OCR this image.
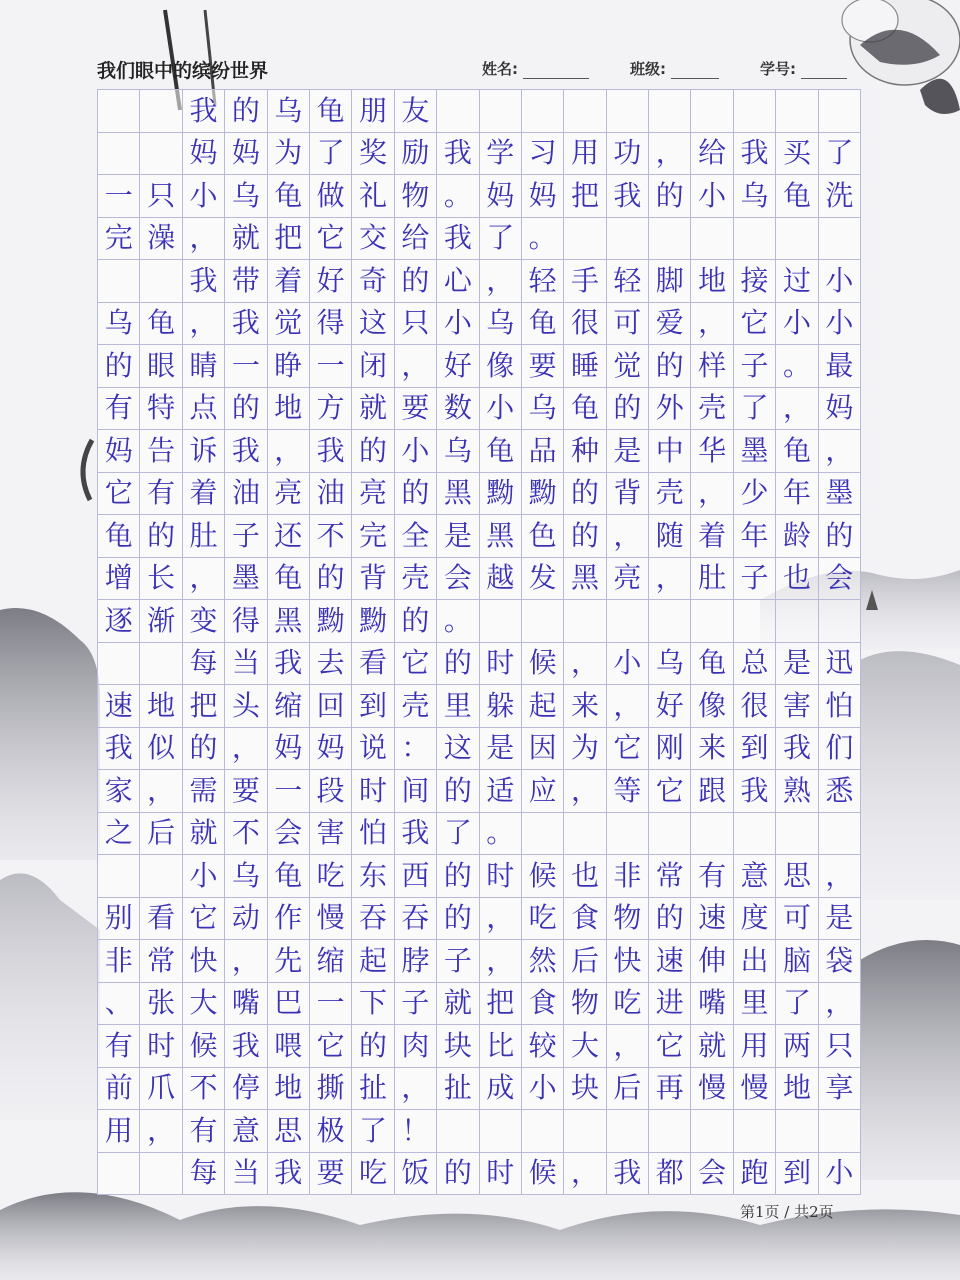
我们眼中的缤纷世界	姓名:	班级:	学号:
我 的 乌 龟 朋 友
妈 妈 为 了 奖 励 我 学 习 用 功 ， 给 我 买 了
一 只 小 乌 龟 做 礼 物 。 妈 妈 把 我 的 小 乌 龟 洗
完 澡 ， 就 把 它 交 给 我 了 。
我 带 着 好 奇 的 心 ， 轻 手 轻 脚 地 接 过 小
乌 龟 ， 我 觉 得 这 只 小 乌 龟 很 可 爱 ， 它 小 小
的 眼 睛 一 睁 一 闭 ， 好 像 要 睡 觉 的 样 子 。 最
有 特 点 的 地 方 就 要 数 小 乌 龟 的 外 壳 了 ， 妈
妈 告 诉 我 ， 我 的 小 乌 龟 品 种 是 中 华 墨 龟 ，
它 有 着 油 亮 油 亮 的 黑 黝 黝 的 背 壳 ， 少 年 墨
龟 的 肚 子 还 不 完 全 是 黑 色 的 ， 随 着 年 龄 的
增 长 ， 墨 龟 的 背 壳 会 越 发 黑 亮 ， 肚 子 也 会
逐 渐 变 得 黑 黝 黝 的 。
每 当 我 去 看 它 的 时 候 ， 小 乌 龟 总 是 迅
速 地 把 头 缩 回 到 壳 里 躲 起 来 ， 好 像 很 害 怕
我 似 的 ， 妈 妈 说 ： 这 是 因 为 它 刚 来 到 我 们
家 ， 需 要 一 段 时 间 的 适 应 ， 等 它 跟 我 熟 悉
之 后 就 不 会 害 怕 我 了 。
小 乌 龟 吃 东 西 的 时 候 也 非 常 有 意 思 ，
别 看 它 动 作 慢 吞 吞 的 ， 吃 食 物 的 速 度 可 是
非 常 快 ， 先 缩 起 脖 子 ， 然 后 快 速 伸 出 脑 袋
、 张 大 嘴 巴 一 下 子 就 把 食 物 吃 进 嘴 里 了 ，
有 时 候 我 喂 它 的 肉 块 比 较 大 ， 它 就 用 两 只
前 爪 不 停 地 撕 扯 ， 扯 成 小 块 后 再 慢 慢 地 享
用 ， 有 意 思 极 了 ！
每 当 我 要 吃 饭 的 时 候 ， 我 都 会 跑 到 小
第1页 / 共2页
